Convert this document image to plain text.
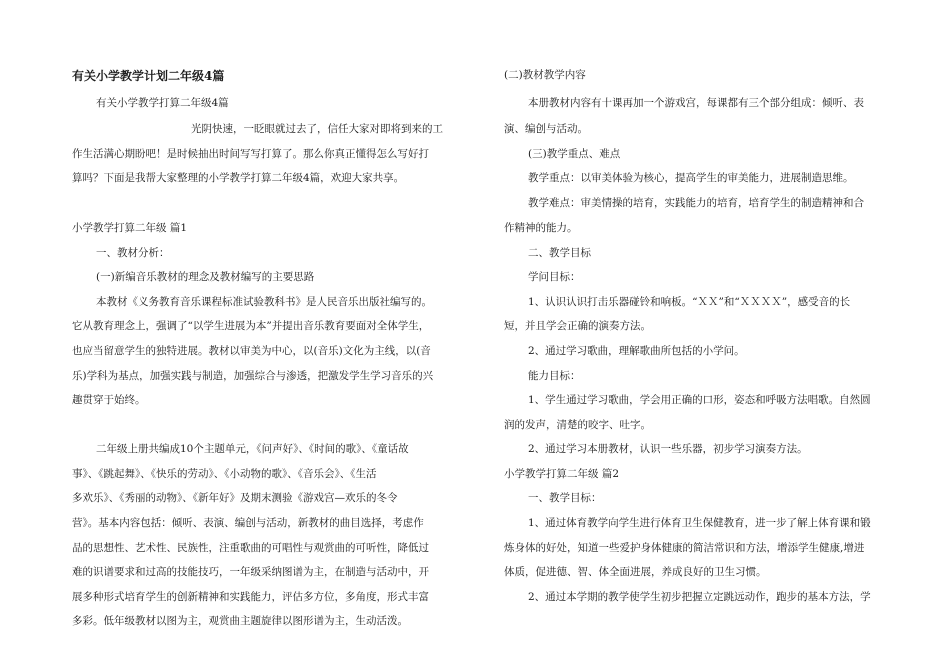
有关小学教学计划二年级4篇

有关小学教学打算二年级4篇

光阴快速，一眨眼就过去了，信任大家对即将到来的工

作生活满心期盼吧！是时候抽出时间写写打算了。那么你真正懂得怎么写好打

算吗？下面是我帮大家整理的小学教学打算二年级4篇，欢迎大家共享。

小学教学打算二年级 篇1

一、教材分析：

(一)新编音乐教材的理念及教材编写的主要思路

本教材《义务教育音乐课程标准试验教科书》是人民音乐出版社编写的。

它从教育理念上，强调了“以学生进展为本”并提出音乐教育要面对全体学生，

也应当留意学生的独特进展。教材以审美为中心，以(音乐)文化为主线，以(音

乐)学科为基点，加强实践与制造，加强综合与渗透，把激发学生学习音乐的兴

趣贯穿于始终。

二年级上册共编成10个主题单元，《问声好》、《时间的歌》、《童话故

事》、《跳起舞》、《快乐的劳动》、《小动物的歌》、《音乐会》、《生活

多欢乐》、《秀丽的动物》、《新年好》及期末测验《游戏宫—欢乐的冬令

营》。基本内容包括：倾听、表演、编创与活动，新教材的曲目选择，考虑作

品的思想性、艺术性、民族性，注重歌曲的可唱性与观赏曲的可听性，降低过

难的识谱要求和过高的技能技巧，一年级采纳图谱为主，在制造与活动中，开

展多种形式培育学生的创新精神和实践能力，评估多方位，多角度，形式丰富

多彩。低年级教材以图为主，观赏曲主题旋律以图形谱为主，生动活泼。

(二)教材教学内容

本册教材内容有十课再加一个游戏宫，每课都有三个部分组成：倾听、表

演、编创与活动。

(三)教学重点、难点

教学重点：以审美体验为核心，提高学生的审美能力，进展制造思维。

教学难点：审美情操的培育，实践能力的培育，培育学生的制造精神和合

作精神的能力。

二、教学目标

学问目标：

1、认识认识打击乐器碰铃和响板。“ＸＸ”和“ＸＸＸＸ”，感受音的长

短，并且学会正确的演奏方法。

2、通过学习歌曲，理解歌曲所包括的小学问。

能力目标：

1、学生通过学习歌曲，学会用正确的口形，姿态和呼吸方法唱歌。自然圆

润的发声，清楚的咬字、吐字。

2、通过学习本册教材，认识一些乐器，初步学习演奏方法。

小学教学打算二年级 篇2

一、教学目标：

1、通过体育教学向学生进行体育卫生保健教育，进一步了解上体育课和锻

炼身体的好处，知道一些爱护身体健康的简洁常识和方法，增添学生健康,增进

体质，促进德、智、体全面进展，养成良好的卫生习惯。

2、通过本学期的教学使学生初步把握立定跳远动作，跑步的基本方法，学
